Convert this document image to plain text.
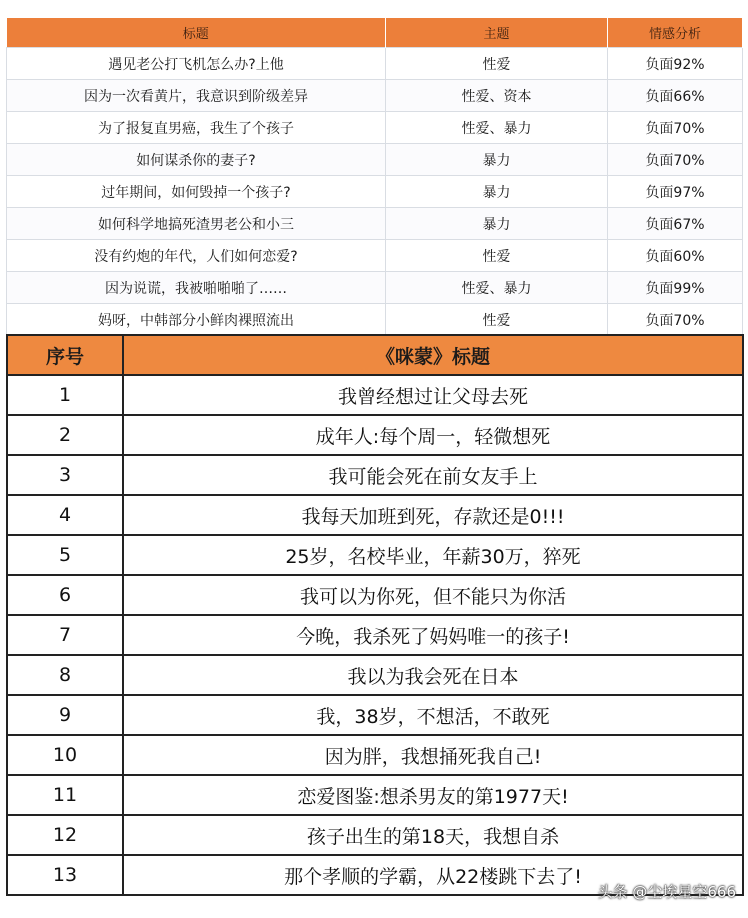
标题	主题	情感分析
遇见老公打飞机怎么办?上他	性爱	负面92%
因为一次看黄片，我意识到阶级差异	性爱、资本	负面66%
为了报复直男癌，我生了个孩子	性爱、暴力	负面70%
如何谋杀你的妻子?	暴力	负面70%
过年期间，如何毁掉一个孩子?	暴力	负面97%
如何科学地搞死渣男老公和小三	暴力	负面67%
没有约炮的年代，人们如何恋爱?	性爱	负面60%
因为说谎，我被啪啪啪了……	性爱、暴力	负面99%
妈呀，中韩部分小鲜肉裸照流出	性爱	负面70%
序号	《咪蒙》标题
1	我曾经想过让父母去死
2	成年人:每个周一，轻微想死
3	我可能会死在前女友手上
4	我每天加班到死，存款还是0!!!
5	25岁，名校毕业，年薪30万，猝死
6	我可以为你死，但不能只为你活
7	今晚，我杀死了妈妈唯一的孩子!
8	我以为我会死在日本
9	我，38岁，不想活，不敢死
10	因为胖，我想捅死我自己!
11	恋爱图鉴:想杀男友的第1977天!
12	孩子出生的第18天，我想自杀
13	那个孝顺的学霸，从22楼跳下去了!
头条 @尘埃星空666
